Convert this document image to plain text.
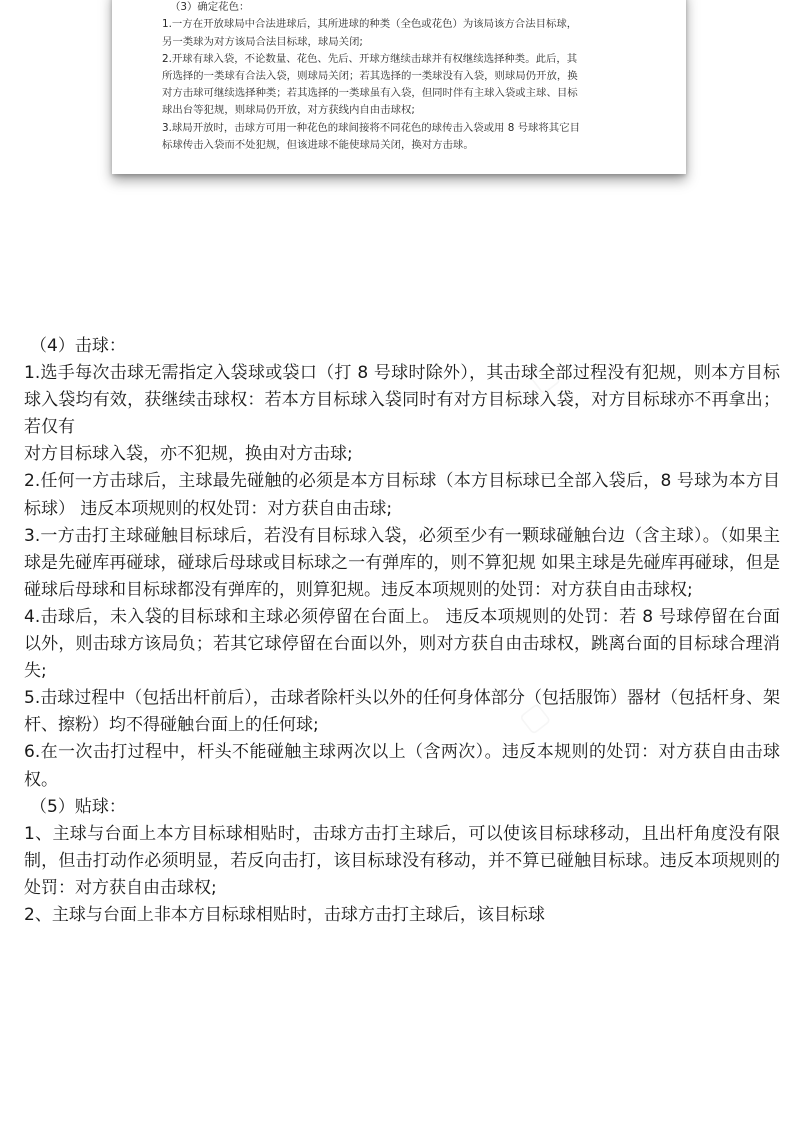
（3）确定花色：

1.一方在开放球局中合法进球后，其所进球的种类（全色或花色）为该局该方合法目标球，

另一类球为对方该局合法目标球，球局关闭;

2.开球有球入袋，不论数量、花色、先后、开球方继续击球并有权继续选择种类。此后，其

所选择的一类球有合法入袋，则球局关闭；若其选择的一类球没有入袋，则球局仍开放，换

对方击球可继续选择种类；若其选择的一类球虽有入袋，但同时伴有主球入袋或主球、目标

球出台等犯规，则球局仍开放，对方获线内自由击球权;

3.球局开放时，击球方可用一种花色的球间接将不同花色的球传击入袋或用 8 号球将其它目

标球传击入袋而不处犯规，但该进球不能使球局关闭，换对方击球。

（4）击球：

1.选手每次击球无需指定入袋球或袋口（打 8 号球时除外），其击球全部过程没有犯规，则本方目标球入袋均有效，获继续击球权：若本方目标球入袋同时有对方目标球入袋，对方目标球亦不再拿出；若仅有

对方目标球入袋，亦不犯规，换由对方击球;

2.任何一方击球后，主球最先碰触的必须是本方目标球（本方目标球已全部入袋后，8 号球为本方目标球） 违反本项规则的权处罚：对方获自由击球;

3.一方击打主球碰触目标球后，若没有目标球入袋，必须至少有一颗球碰触台边（含主球）。（如果主球是先碰库再碰球，碰球后母球或目标球之一有弹库的，则不算犯规 如果主球是先碰库再碰球，但是碰球后母球和目标球都没有弹库的，则算犯规。违反本项规则的处罚：对方获自由击球权;

4.击球后，未入袋的目标球和主球必须停留在台面上。 违反本项规则的处罚：若 8 号球停留在台面以外，则击球方该局负；若其它球停留在台面以外，则对方获自由击球权，跳离台面的目标球合理消失;

5.击球过程中（包括出杆前后），击球者除杆头以外的任何身体部分（包括服饰）器材（包括杆身、架杆、擦粉）均不得碰触台面上的任何球;

6.在一次击打过程中，杆头不能碰触主球两次以上（含两次）。违反本规则的处罚：对方获自由击球权。

（5）贴球：

1、主球与台面上本方目标球相贴时，击球方击打主球后，可以使该目标球移动，且出杆角度没有限制，但击打动作必须明显，若反向击打，该目标球没有移动，并不算已碰触目标球。违反本项规则的处罚：对方获自由击球权;

2、主球与台面上非本方目标球相贴时，击球方击打主球后，该目标球
